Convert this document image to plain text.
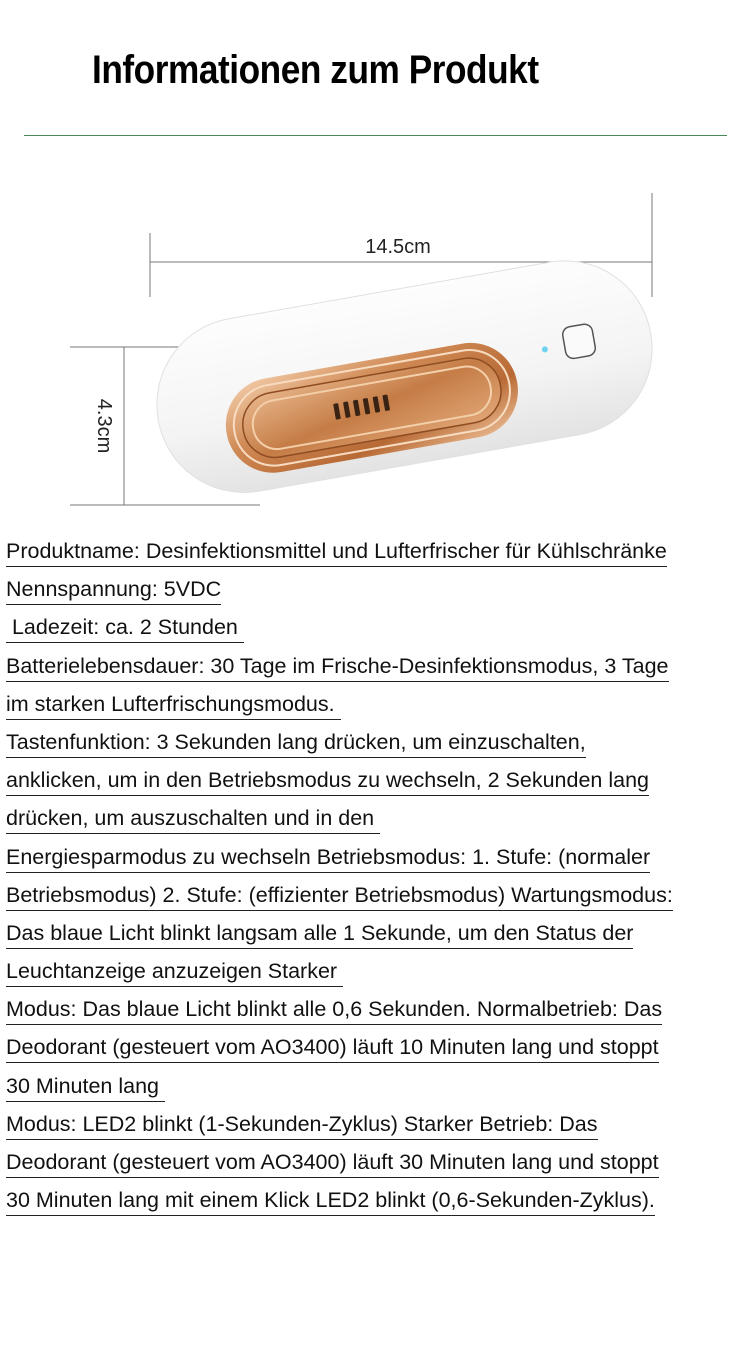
Informationen zum Produkt
14.5cm
4.3cm
Produktname: Desinfektionsmittel und Lufterfrischer für Kühlschränke
Nennspannung: 5VDC
Ladezeit: ca. 2 Stunden
Batterielebensdauer: 30 Tage im Frische-Desinfektionsmodus, 3 Tage
im starken Lufterfrischungsmodus.
Tastenfunktion: 3 Sekunden lang drücken, um einzuschalten,
anklicken, um in den Betriebsmodus zu wechseln, 2 Sekunden lang
drücken, um auszuschalten und in den
Energiesparmodus zu wechseln Betriebsmodus: 1. Stufe: (normaler
Betriebsmodus) 2. Stufe: (effizienter Betriebsmodus) Wartungsmodus:
Das blaue Licht blinkt langsam alle 1 Sekunde, um den Status der
Leuchtanzeige anzuzeigen Starker
Modus: Das blaue Licht blinkt alle 0,6 Sekunden. Normalbetrieb: Das
Deodorant (gesteuert vom AO3400) läuft 10 Minuten lang und stoppt
30 Minuten lang
Modus: LED2 blinkt (1-Sekunden-Zyklus) Starker Betrieb: Das
Deodorant (gesteuert vom AO3400) läuft 30 Minuten lang und stoppt
30 Minuten lang mit einem Klick LED2 blinkt (0,6-Sekunden-Zyklus).
